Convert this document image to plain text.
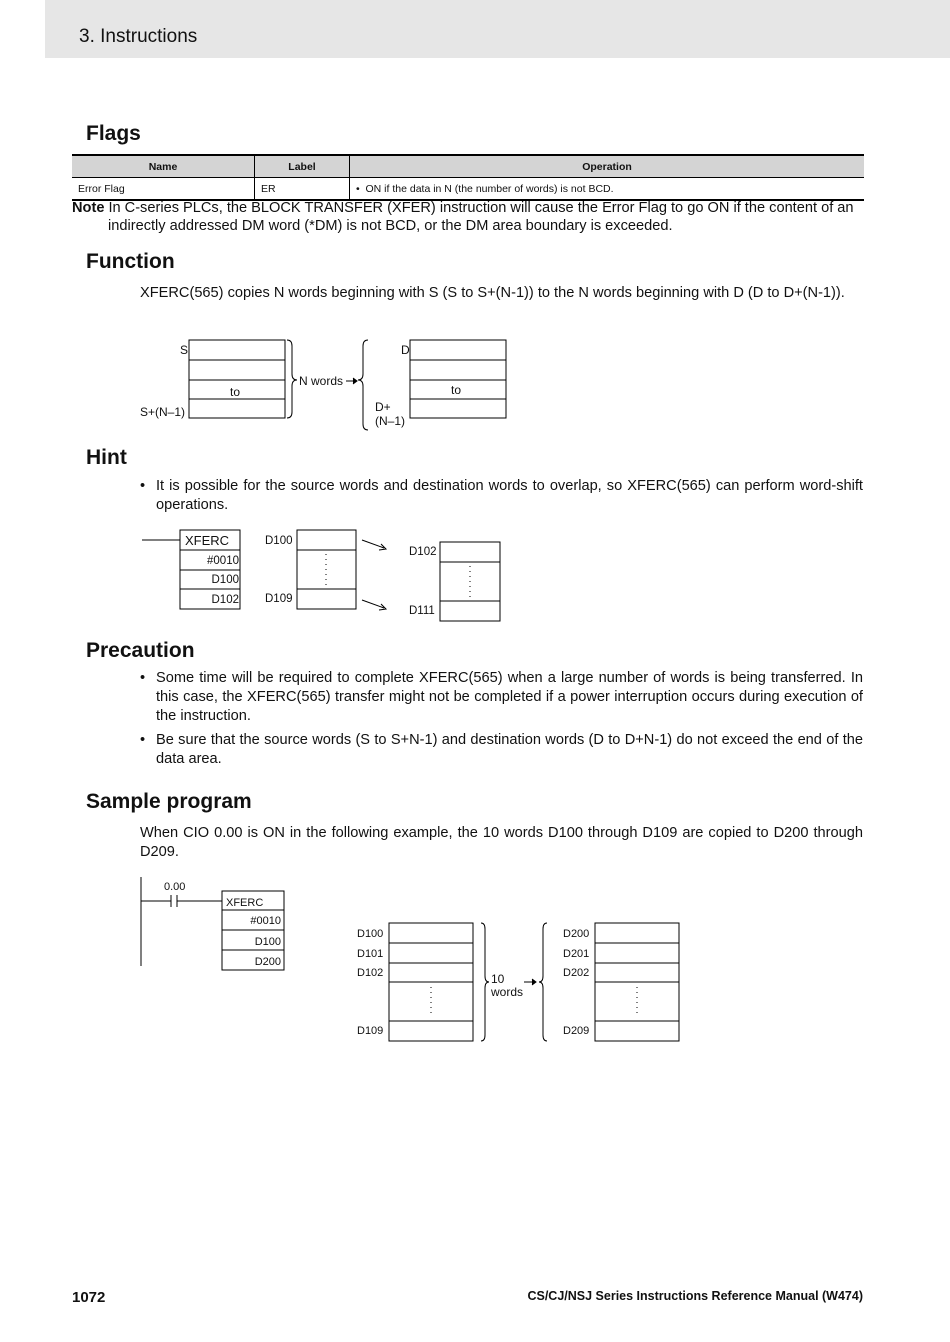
3. Instructions
Flags
Name	Label	Operation
Error Flag	ER	•  ON if the data in N (the number of words) is not BCD.
Note In C-series PLCs, the BLOCK TRANSFER (XFER) instruction will cause the Error Flag to go ON if the content of an
indirectly addressed DM word (*DM) is not BCD, or the DM area boundary is exceeded.
Function
XFERC(565) copies N words beginning with S (S to S+(N-1)) to the N words beginning with D (D to D+(N-1)).
Hint
• It is possible for the source words and destination words to overlap, so XFERC(565) can perform word-shift operations.
Precaution
• Some time will be required to complete XFERC(565) when a large number of words is being transferred. In this case, the XFERC(565) transfer might not be completed if a power interruption occurs during execution of the instruction.
• Be sure that the source words (S to S+N-1) and destination words (D to D+N-1) do not exceed the end of the data area.
Sample program
When CIO 0.00 is ON in the following example, the 10 words D100 through D109 are copied to D200 through D209.
S
S+(N–1)
to
N words
D
D+
(N–1)
to
XFERC
#0010
D100
D102
D100
D109
D102
D111
0.00
XFERC
#0010
D100
D200
D100
D101
D102
D109
D200
D201
D202
D209
10
words
1072	CS/CJ/NSJ Series Instructions Reference Manual (W474)
